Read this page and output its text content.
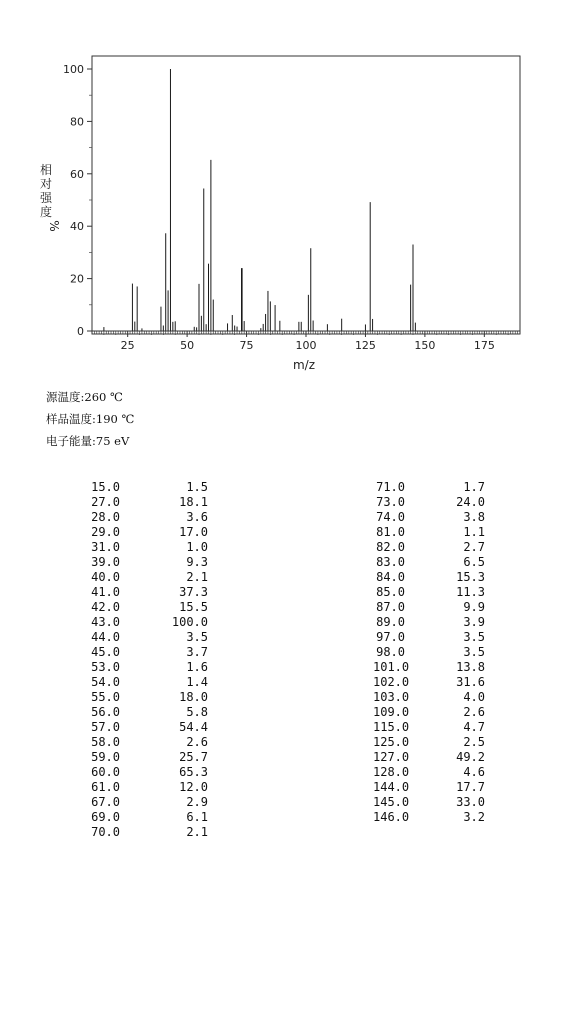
0
20
40
60
80
100
25	50	75	100	125	150	175
m/z
相对强度
%
源温度:260 ℃
样品温度:190 ℃
电子能量:75 eV
15.0	1.5
27.0	18.1
28.0	3.6
29.0	17.0
31.0	1.0
39.0	9.3
40.0	2.1
41.0	37.3
42.0	15.5
43.0	100.0
44.0	3.5
45.0	3.7
53.0	1.6
54.0	1.4
55.0	18.0
56.0	5.8
57.0	54.4
58.0	2.6
59.0	25.7
60.0	65.3
61.0	12.0
67.0	2.9
69.0	6.1
70.0	2.1
71.0	1.7
73.0	24.0
74.0	3.8
81.0	1.1
82.0	2.7
83.0	6.5
84.0	15.3
85.0	11.3
87.0	9.9
89.0	3.9
97.0	3.5
98.0	3.5
101.0	13.8
102.0	31.6
103.0	4.0
109.0	2.6
115.0	4.7
125.0	2.5
127.0	49.2
128.0	4.6
144.0	17.7
145.0	33.0
146.0	3.2
